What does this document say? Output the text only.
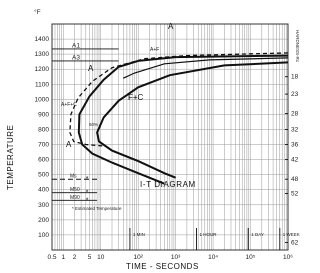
1 MIN	1 HOUR	1 DAY	1 WEEK
A1
A3
Ms *
M50 *
M90 *
100
200
300
400
500
600
700
800
900
1000
1100
1200
1300
1400
0.5 1 2 5 10	10²	10³	10⁴	10⁵	10⁶
18
23
28
32
36
42
48
52
62
°F
HARDNESS-Rc
TEMPERATURE
TIME - SECONDS
I-T DIAGRAM
A
A
A+F
F+C
A+F+C
A
50%
* Estimated Temperature
